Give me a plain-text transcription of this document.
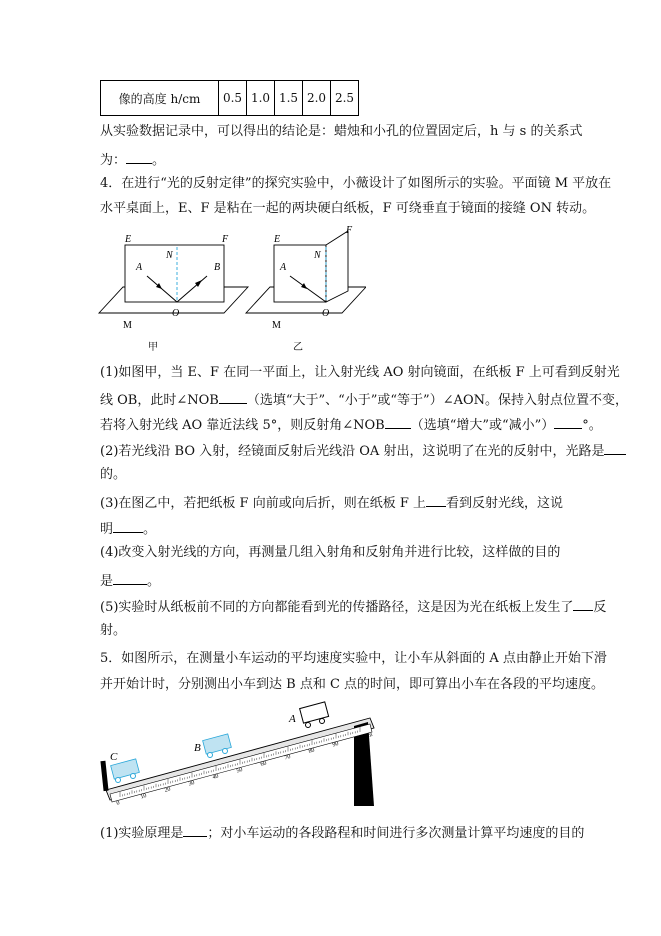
像的高度 h/cm	0.5	1.0	1.5	2.0	2.5
从实验数据记录中，可以得出的结论是：蜡烛和小孔的位置固定后，h 与 s 的关系式
为： 。
4．在进行“光的反射定律”的探究实验中，小薇设计了如图所示的实验。平面镜 M 平放在
水平桌面上，E、F 是粘在一起的两块硬白纸板，F 可绕垂直于镜面的接缝 ON 转动。
E	F
N
A	B
O
M
甲
E
F
N
A
O
M
乙
(1)如图甲，当 E、F 在同一平面上，让入射光线 AO 射向镜面，在纸板 F 上可看到反射光
线 OB，此时∠NOB （选填“大于”、“小于”或“等于”）∠AON。保持入射点位置不变，
若将入射光线 AO 靠近法线 5°，则反射角∠NOB （选填“增大”或“减小”） °。
(2)若光线沿 BO 入射，经镜面反射后光线沿 OA 射出，这说明了在光的反射中，光路是
的。
(3)在图乙中，若把纸板 F 向前或向后折，则在纸板 F 上 看到反射光线，这说
明 。
(4)改变入射光线的方向，再测量几组入射角和反射角并进行比较，这样做的目的
是	。
(5)实验时从纸板前不同的方向都能看到光的传播路径，这是因为光在纸板上发生了 反
射。
5．如图所示，在测量小车运动的平均速度实验中，让小车从斜面的 A 点由静止开始下滑
并开始计时，分别测出小车到达 B 点和 C 点的时间，即可算出小车在各段的平均速度。
0
10
20
30
40
50
60
70
80
90
100cm
C
B
A
(1)实验原理是 ；对小车运动的各段路程和时间进行多次测量计算平均速度的目的
